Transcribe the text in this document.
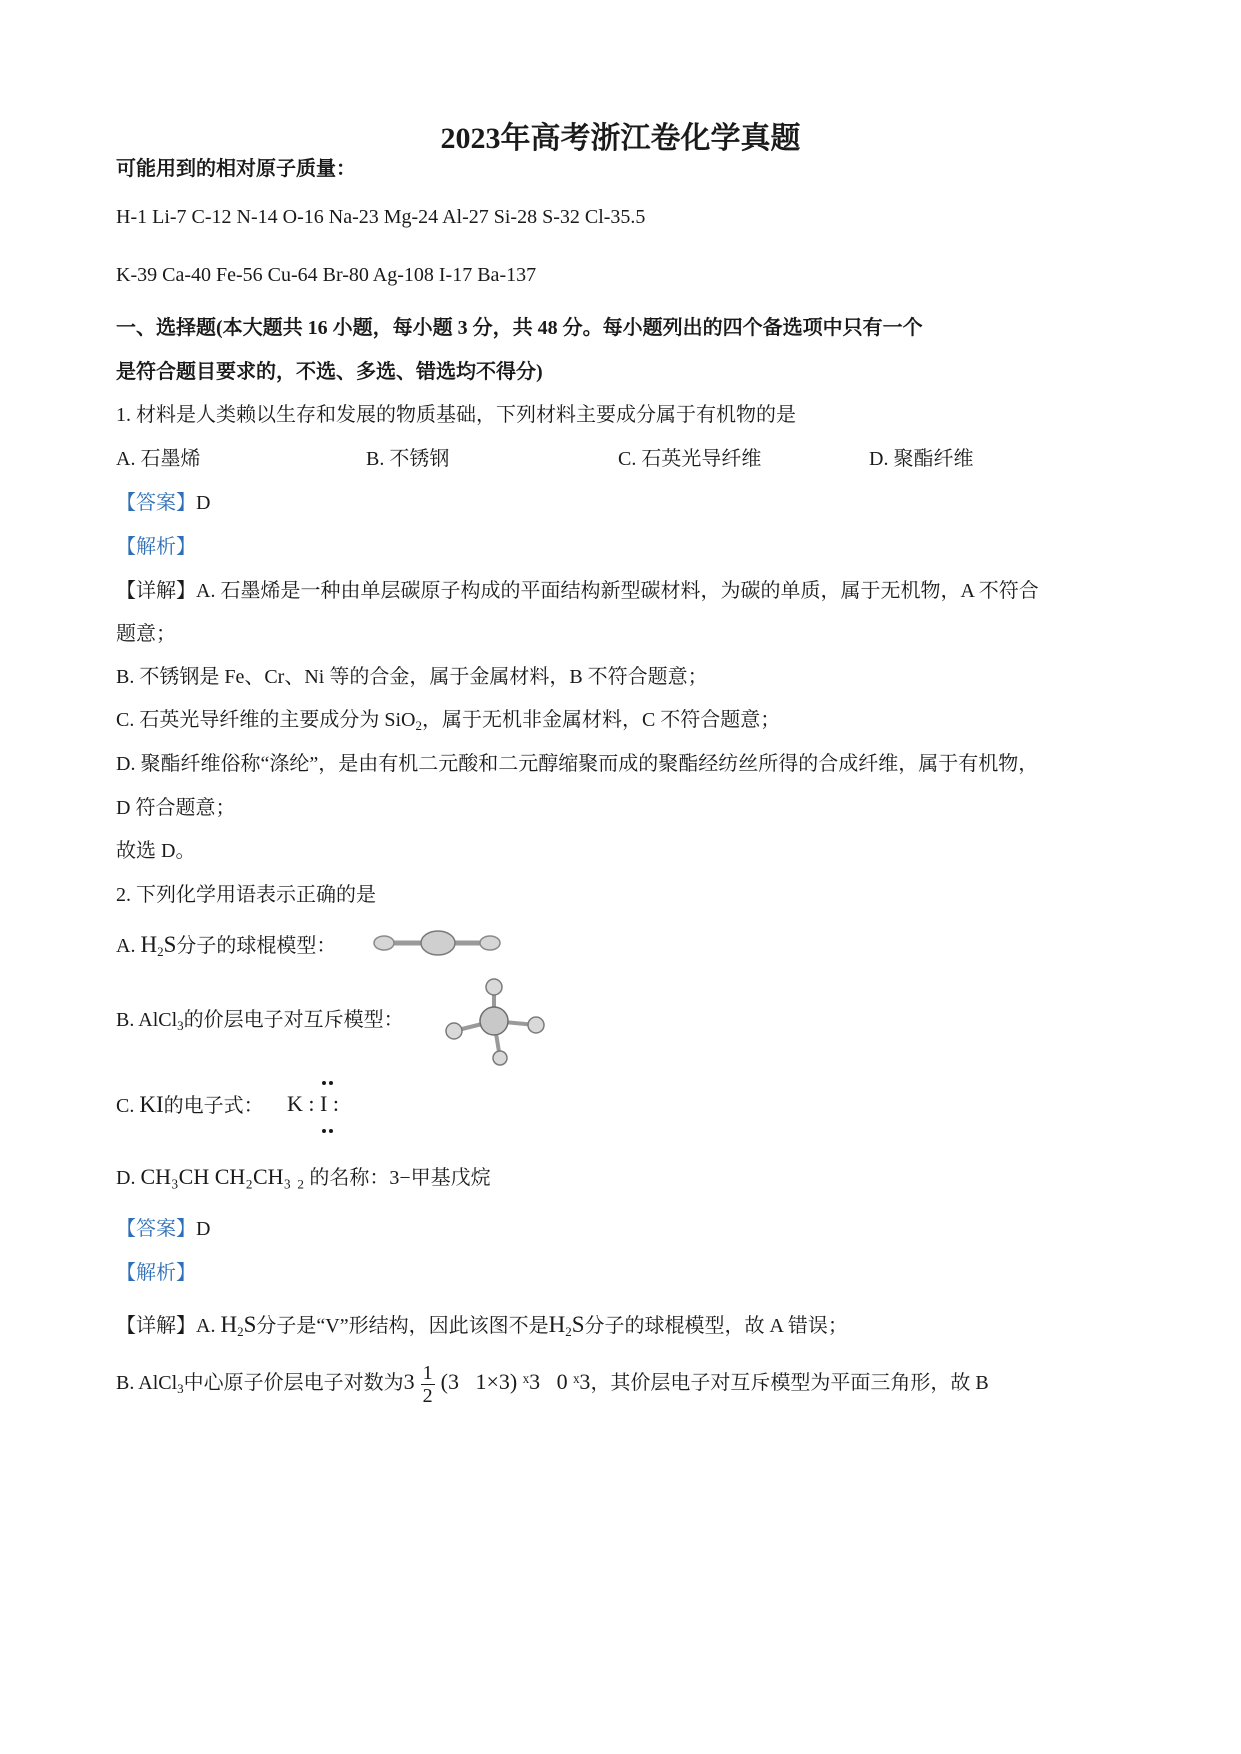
2023年高考浙江卷化学真题
可能用到的相对原子质量：
H-1 Li-7 C-12 N-14 O-16 Na-23 Mg-24 Al-27 Si-28 S-32 Cl-35.5
K-39 Ca-40 Fe-56 Cu-64 Br-80 Ag-108 I-17 Ba-137
一、选择题(本大题共 16 小题，每小题 3 分，共 48 分。每小题列出的四个备选项中只有一个
是符合题目要求的，不选、多选、错选均不得分)
1. 材料是人类赖以生存和发展的物质基础，下列材料主要成分属于有机物的是
A. 石墨烯	B. 不锈钢	C. 石英光导纤维	D. 聚酯纤维
【答案】D
【解析】
【详解】A. 石墨烯是一种由单层碳原子构成的平面结构新型碳材料，为碳的单质，属于无机物，A 不符合
题意；
B. 不锈钢是 Fe、Cr、Ni 等的合金，属于金属材料，B 不符合题意；
C. 石英光导纤维的主要成分为 SiO$_2$，属于无机非金属材料，C 不符合题意；
D. 聚酯纤维俗称“涤纶”，是由有机二元酸和二元醇缩聚而成的聚酯经纺丝所得的合成纤维，属于有机物，
D 符合题意；
故选 D。
2. 下列化学用语表示正确的是
A. $H_2S$分子的球棍模型：
B. AlCl$_3$的价层电子对互斥模型：
C. KI的电子式： K : I :
D. CH₃CH CH₂CH₃ ₂ 的名称：3−甲基戊烷
【答案】D
【解析】
【详解】A. $H_2S$分子是“V”形结构，因此该图不是$H_2S$分子的球棍模型，故 A 错误；
B. AlCl$_3$中心原子价层电子对数为$3 \frac{1}{2} (3$   1×3) ˣ3   0 ˣ3，其价层电子对互斥模型为平面三角形，故 B
